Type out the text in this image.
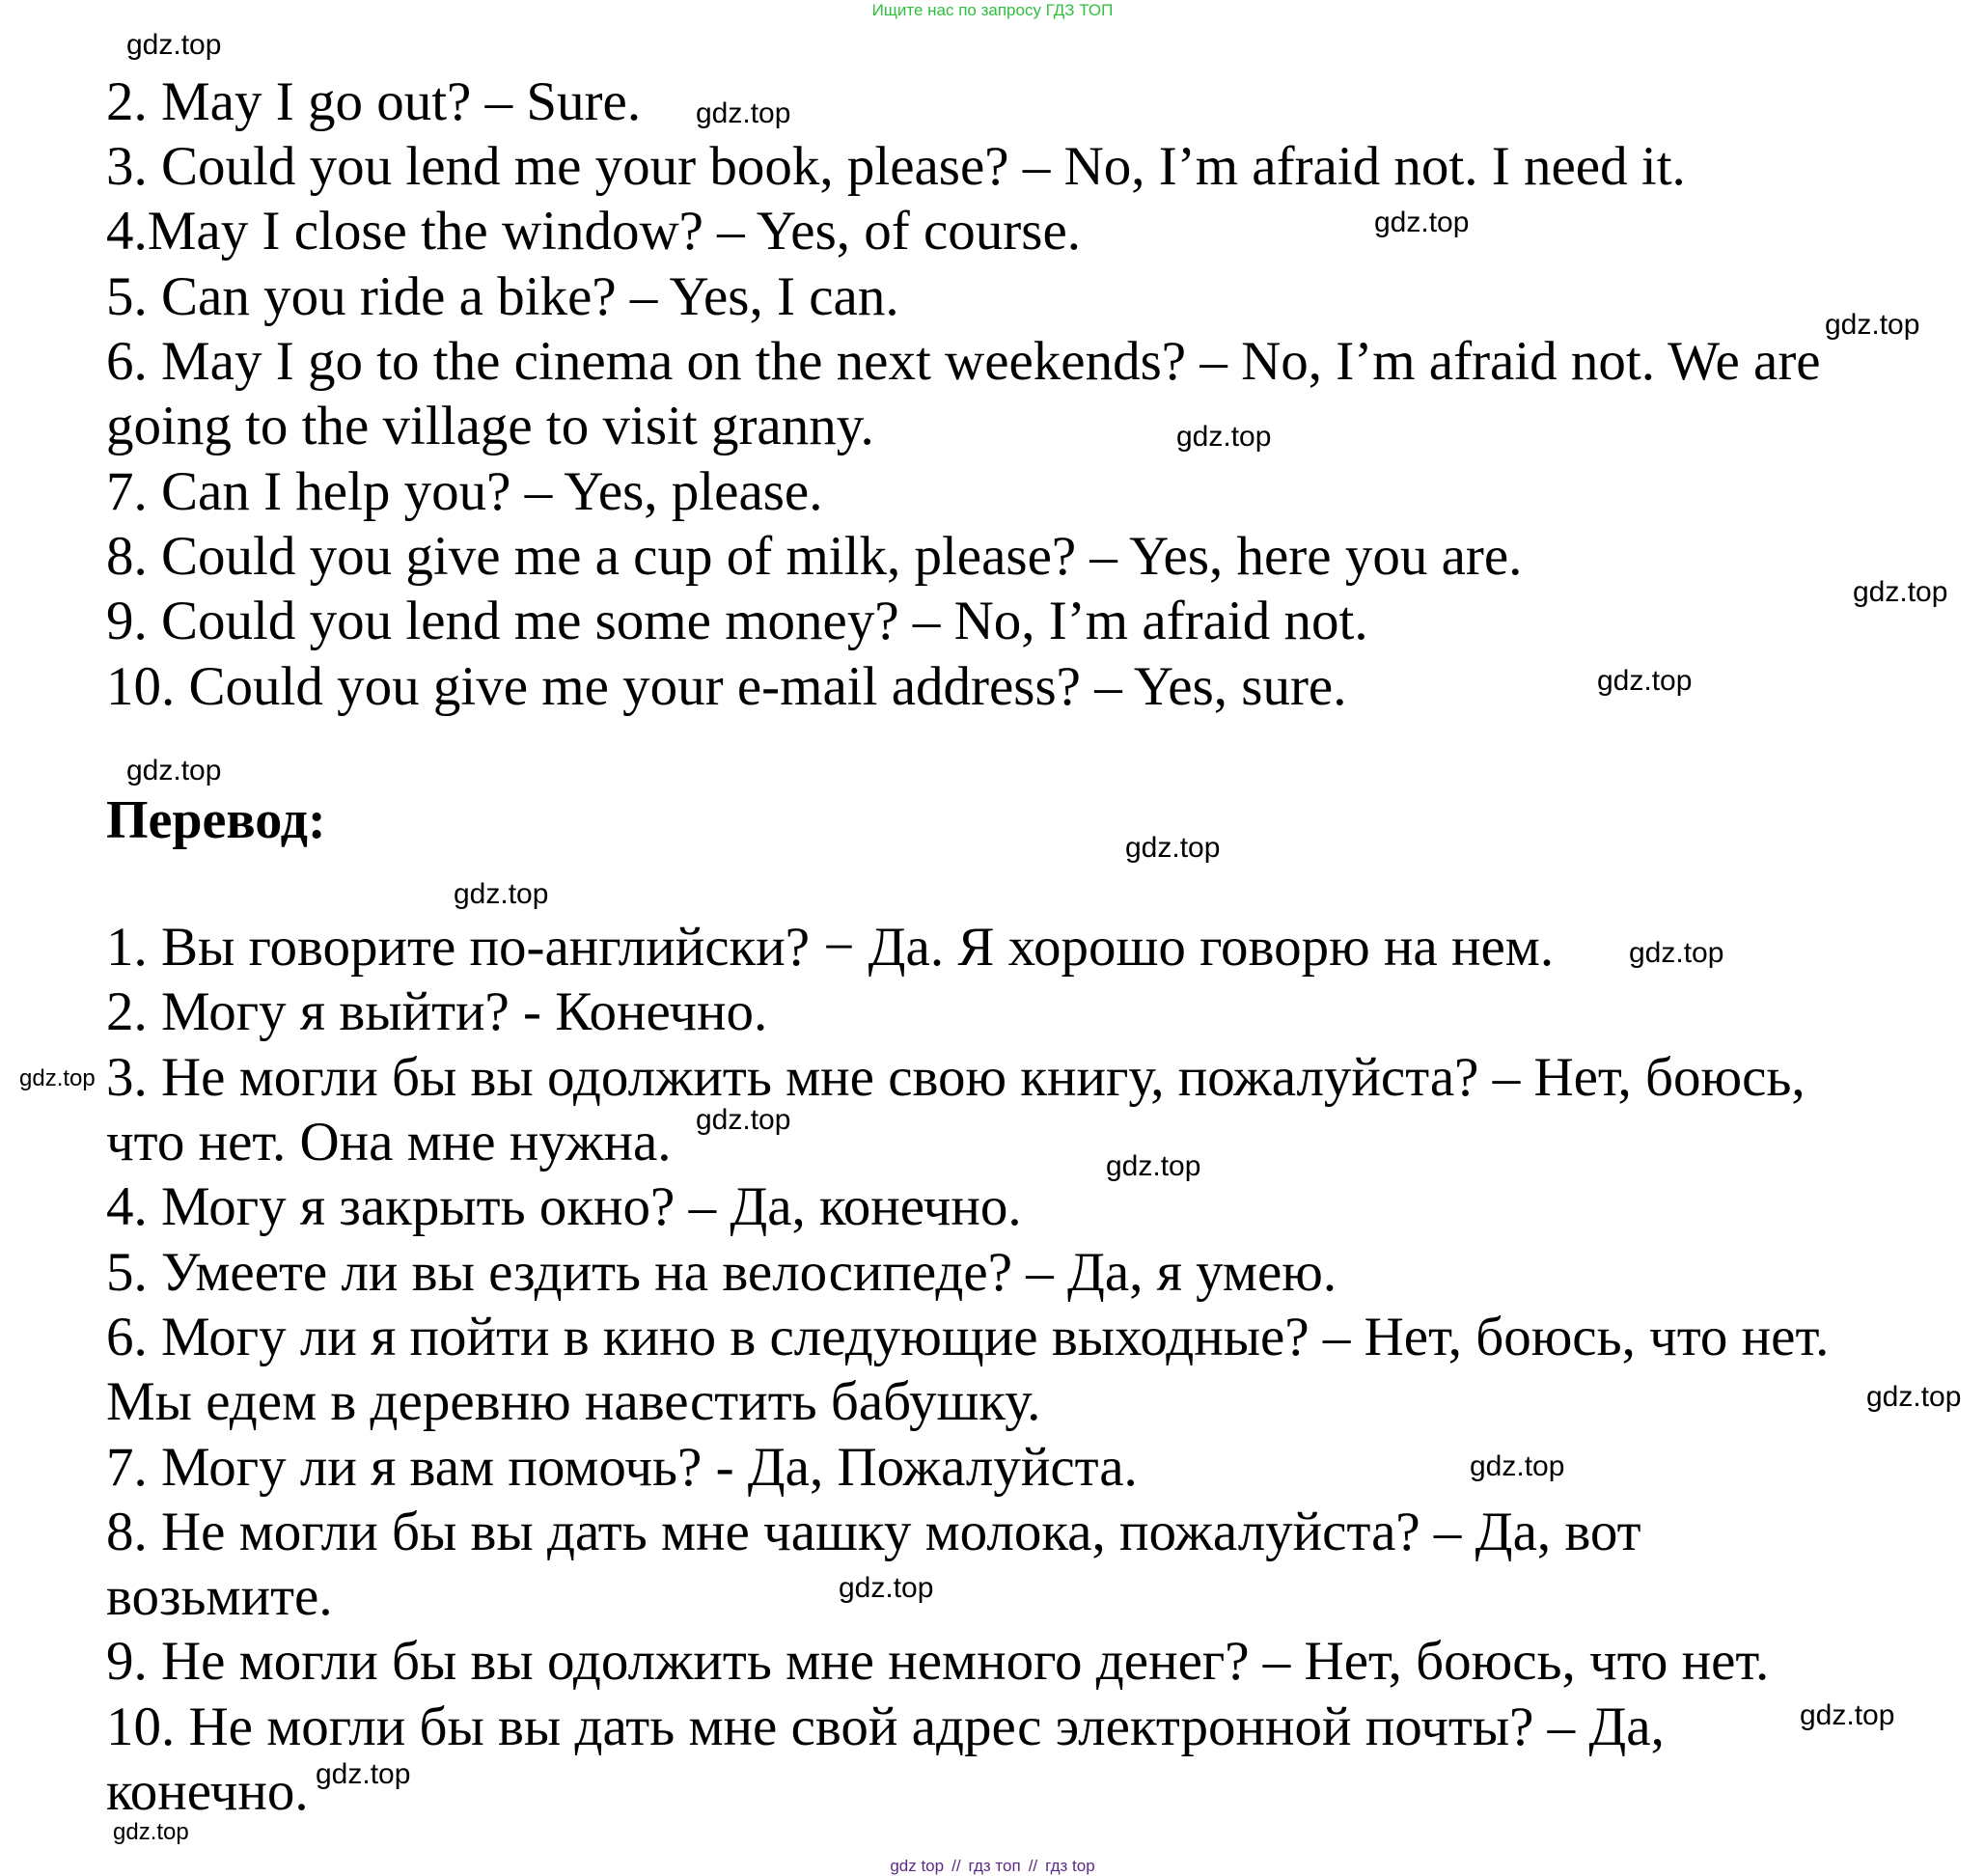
Ищите нас по запросу ГДЗ ТОП

2. May I go out? – Sure.

3. Could you lend me your book, please? – No, I’m afraid not. I need it.

4.May I close the window? – Yes, of course.

5. Can you ride a bike? – Yes, I can.

6. May I go to the cinema on the next weekends? – No, I’m afraid not. We are

going to the village to visit granny.

7. Can I help you? – Yes, please.

8. Could you give me a cup of milk, please? – Yes, here you are.

9. Could you lend me some money? – No, I’m afraid not.

10. Could you give me your e-mail address? – Yes, sure.

Перевод:

1. Вы говорите по-английски? − Да. Я хорошо говорю на нем.

2. Могу я выйти? - Конечно.

3. Не могли бы вы одолжить мне свою книгу, пожалуйста? – Нет, боюсь,

что нет. Она мне нужна.

4. Могу я закрыть окно? – Да, конечно.

5. Умеете ли вы ездить на велосипеде? – Да, я умею.

6. Могу ли я пойти в кино в следующие выходные? – Нет, боюсь, что нет.

Мы едем в деревню навестить бабушку.

7. Могу ли я вам помочь? - Да, Пожалуйста.

8. Не могли бы вы дать мне чашку молока, пожалуйста? – Да, вот

возьмите.

9. Не могли бы вы одолжить мне немного денег? – Нет, боюсь, что нет.

10. Не могли бы вы дать мне свой адрес электронной почты? – Да,

конечно.

gdz.top
gdz.top
gdz.top
gdz.top
gdz.top
gdz.top
gdz.top
gdz.top
gdz.top
gdz.top
gdz.top
gdz.top
gdz.top
gdz.top
gdz.top
gdz.top
gdz.top
gdz.top
gdz.top
gdz.top
gdz top // гдз топ // гдз top
